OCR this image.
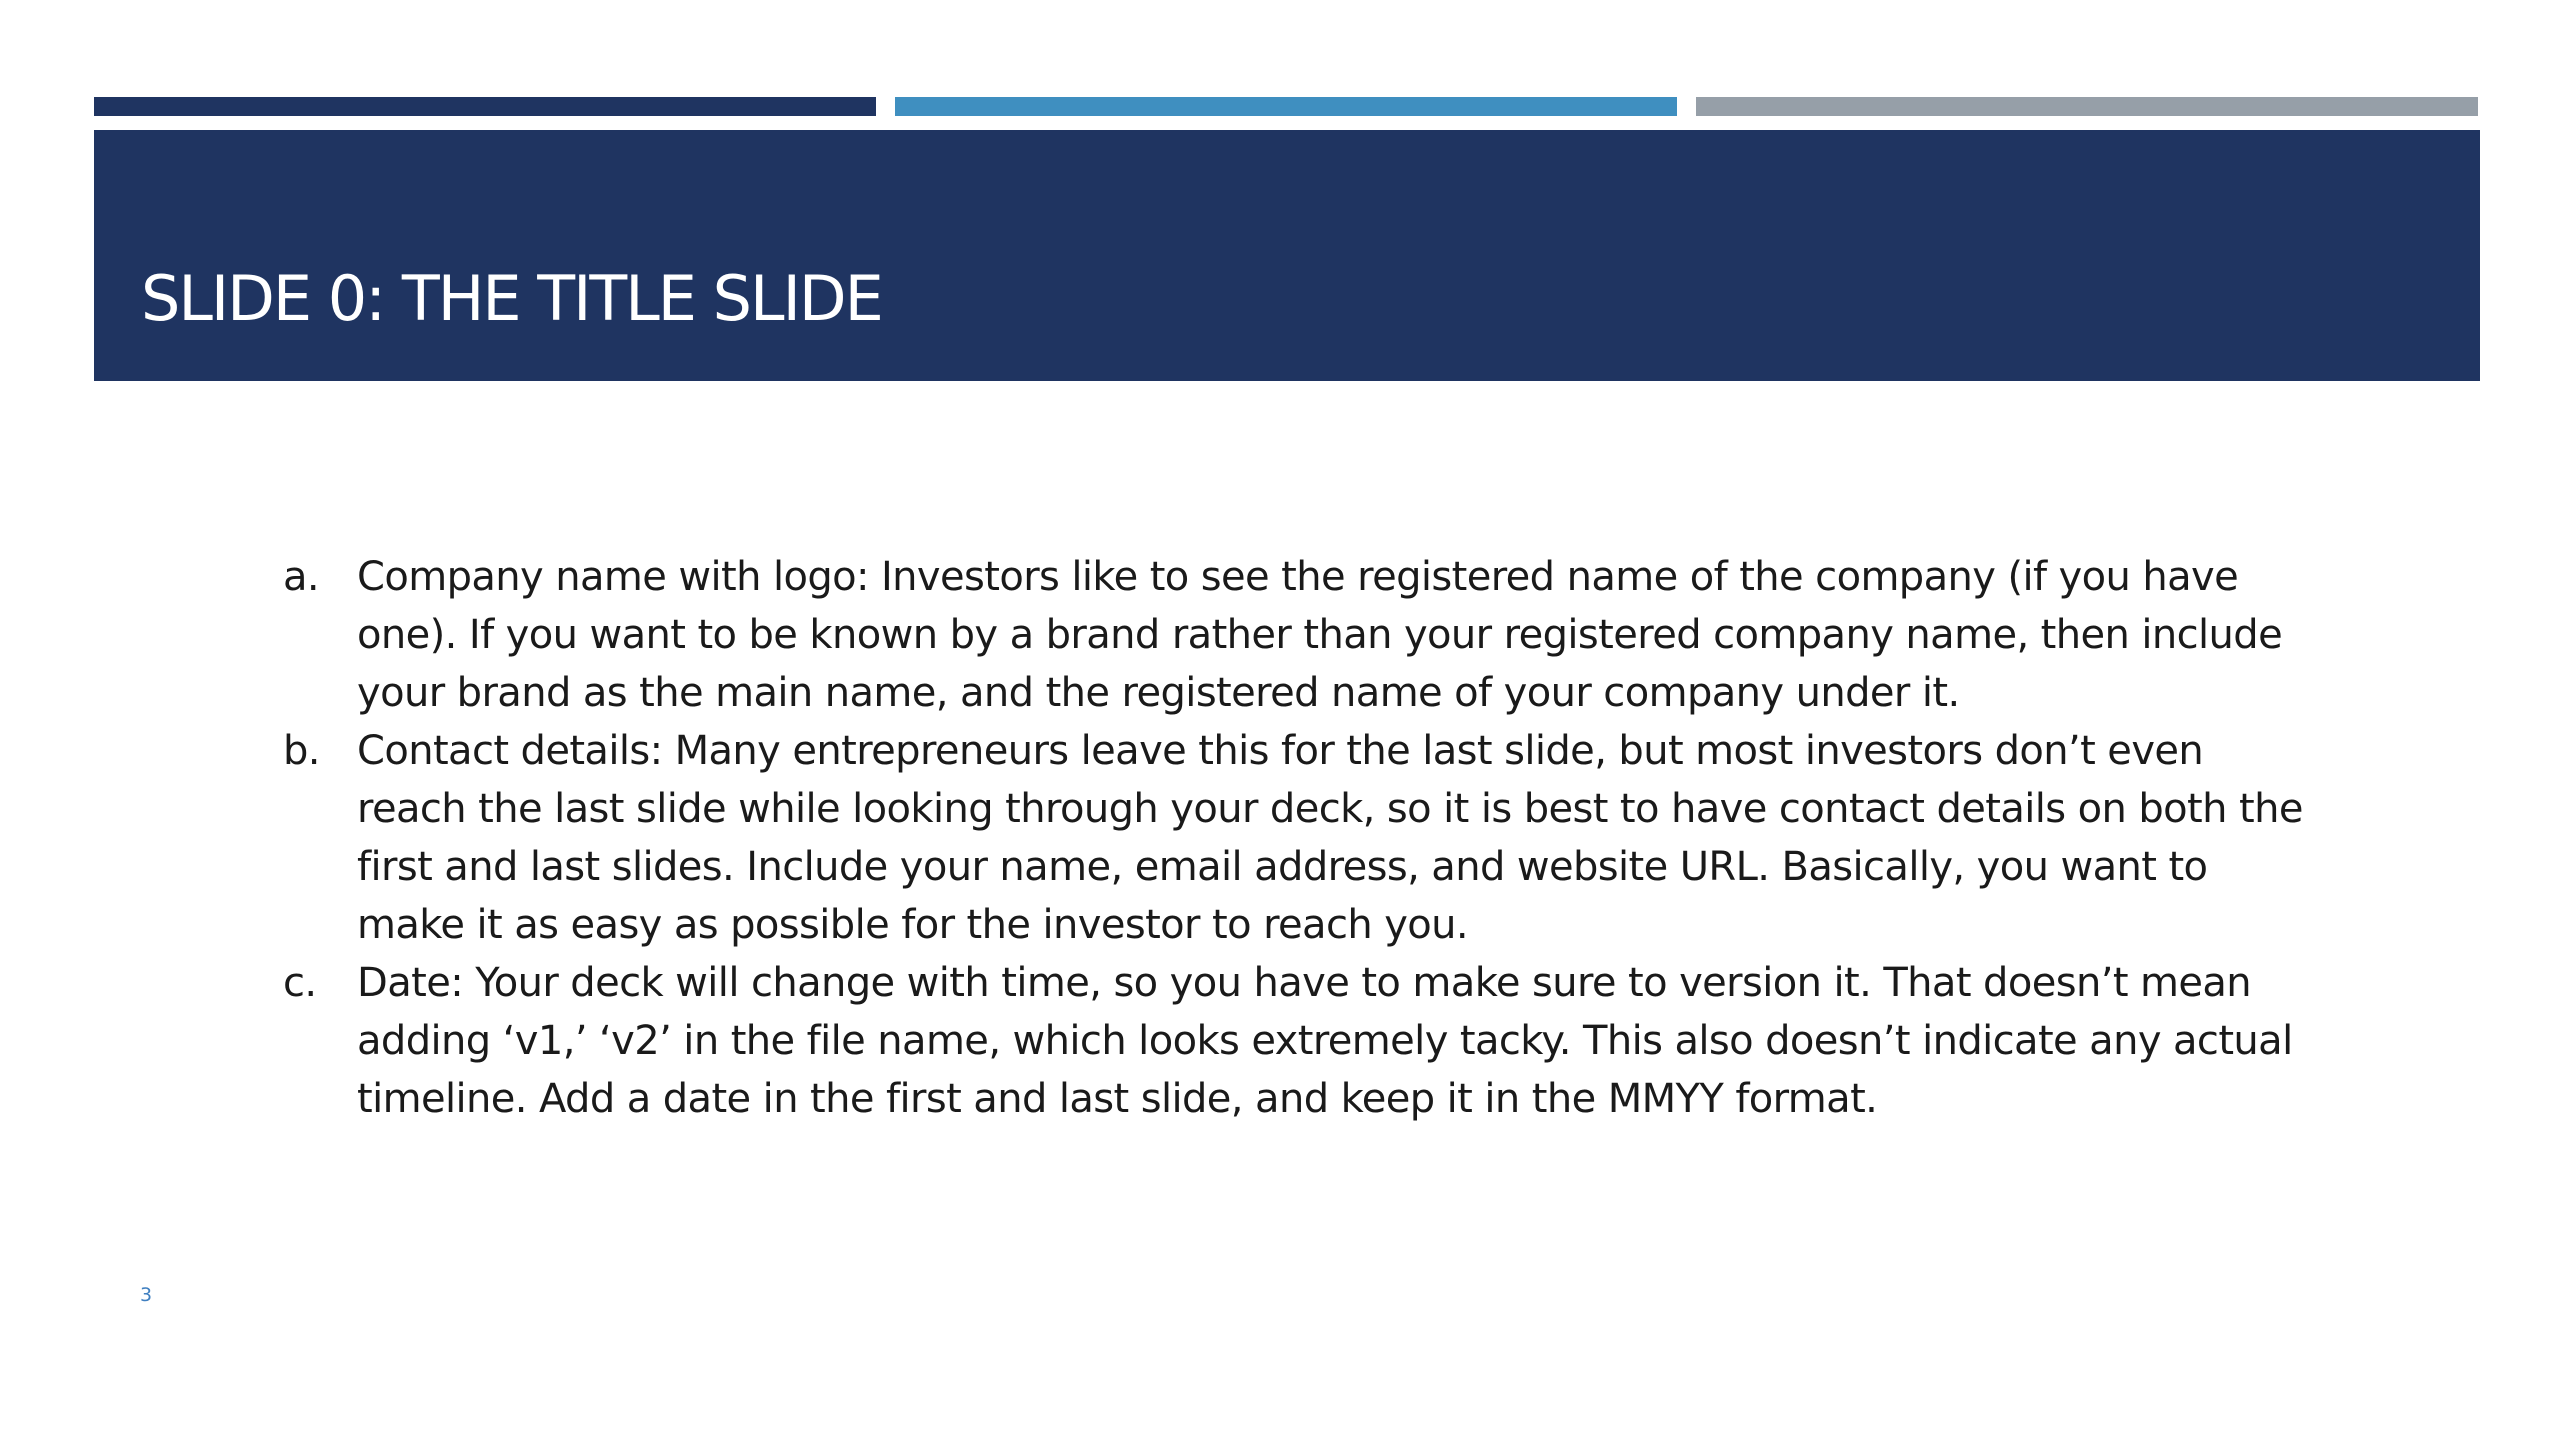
SLIDE 0: THE TITLE SLIDE
a. Company name with logo: Investors like to see the registered name of the company (if you have one). If you want to be known by a brand rather than your registered company name, then include your brand as the main name, and the registered name of your company under it.
b. Contact details: Many entrepreneurs leave this for the last slide, but most investors don’t even reach the last slide while looking through your deck, so it is best to have contact details on both the first and last slides. Include your name, email address, and website URL. Basically, you want to make it as easy as possible for the investor to reach you.
c. Date: Your deck will change with time, so you have to make sure to version it. That doesn’t mean adding ‘v1,’ ‘v2’ in the file name, which looks extremely tacky. This also doesn’t indicate any actual timeline. Add a date in the first and last slide, and keep it in the MMYY format.
3
